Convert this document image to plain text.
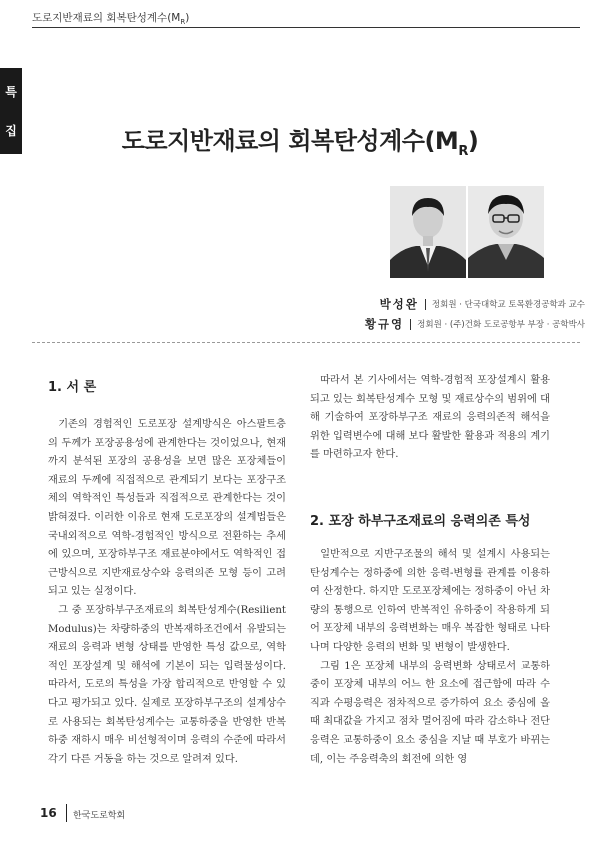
도로지반재료의 회복탄성계수$(M_R)$
특
집	도로지반재료의 회복탄성계수$(M_R)$
박성완 정회원 · 단국대학교 토목환경공학과 교수
황규영 정회원 · (주)건화 도로공항부 부장 · 공학박사
1. 서 론

기존의 경험적인 도로포장 설계방식은 아스팔트층의 두께가 포장공용성에 관계한다는 것이었으나, 현재까지 분석된 포장의 공용성을 보면 많은 포장체들이 재료의 두께에 직접적으로 관계되기 보다는 포장구조체의 역학적인 특성들과 직접적으로 관계한다는 것이 밝혀졌다. 이러한 이유로 현재 도로포장의 설계법들은 국내외적으로 역학-경험적인 방식으로 전환하는 추세에 있으며, 포장하부구조 재료분야에서도 역학적인 접근방식으로 지반재료상수와 응력의존 모형 등이 고려되고 있는 실정이다.

그 중 포장하부구조재료의 회복탄성계수(Resilient Modulus)는 차량하중의 반복재하조건에서 유발되는 재료의 응력과 변형 상태를 반영한 특성 값으로, 역학적인 포장설계 및 해석에 기본이 되는 입력물성이다. 따라서, 도로의 특성을 가장 합리적으로 반영할 수 있다고 평가되고 있다. 실제로 포장하부구조의 설계상수로 사용되는 회복탄성계수는 교통하중을 반영한 반복하중 재하시 매우 비선형적이며 응력의 수준에 따라서 각기 다른 거동을 하는 것으로 알려져 있다.

따라서 본 기사에서는 역학-경험적 포장설계시 활용되고 있는 회복탄성계수 모형 및 재료상수의 범위에 대해 기술하여 포장하부구조 재료의 응력의존적 해석을 위한 입력변수에 대해 보다 활발한 활용과 적용의 계기를 마련하고자 한다.

2. 포장 하부구조재료의 응력의존 특성

일반적으로 지반구조물의 해석 및 설계시 사용되는 탄성계수는 정하중에 의한 응력-변형률 관계를 이용하여 산정한다. 하지만 도로포장체에는 정하중이 아닌 차량의 통행으로 인하여 반복적인 유하중이 작용하게 되어 포장체 내부의 응력변화는 매우 복잡한 형태로 나타나며 다양한 응력의 변화 및 변형이 발생한다.

그림 1은 포장체 내부의 응력변화 상태로서 교통하중이 포장체 내부의 어느 한 요소에 접근함에 따라 수직과 수평응력은 점차적으로 증가하여 요소 중심에 올 때 최대값을 가지고 점차 멀어짐에 따라 감소하나 전단응력은 교통하중이 요소 중심을 지날 때 부호가 바뀌는데, 이는 주응력축의 회전에 의한 영

16 한국도로학회
